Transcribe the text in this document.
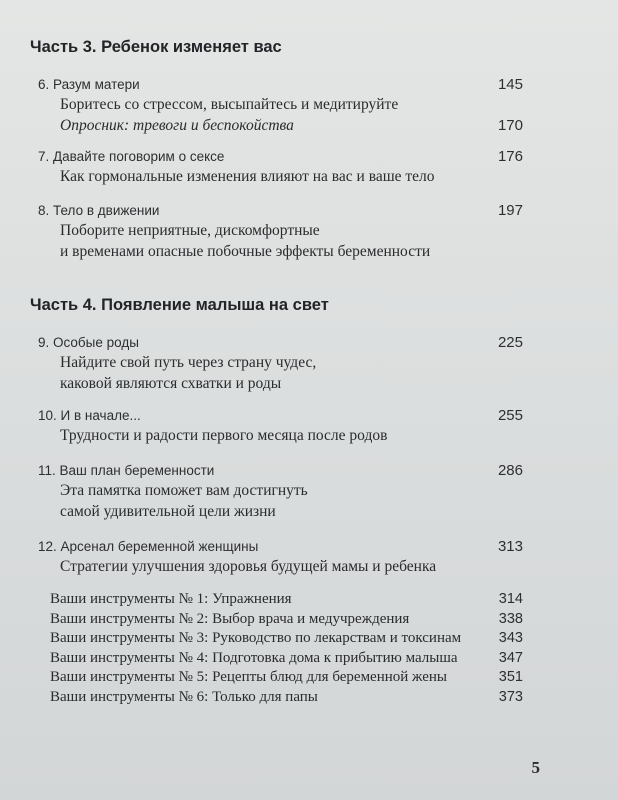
Часть 3. Ребенок изменяет вас
6. Разум матери	145
Боритесь со стрессом, высыпайтесь и медитируйте
Опросник: тревоги и беспокойства	170
7. Давайте поговорим о сексе	176
Как гормональные изменения влияют на вас и ваше тело
8. Тело в движении	197
Поборите неприятные, дискомфортные
и временами опасные побочные эффекты беременности
Часть 4. Появление малыша на свет
9. Особые роды	225
Найдите свой путь через страну чудес,
каковой являются схватки и роды
10. И в начале...	255
Трудности и радости первого месяца после родов
11. Ваш план беременности	286
Эта памятка поможет вам достигнуть
самой удивительной цели жизни
12. Арсенал беременной женщины	313
Стратегии улучшения здоровья будущей мамы и ребенка
Ваши инструменты № 1: Упражнения	314
Ваши инструменты № 2: Выбор врача и медучреждения	338
Ваши инструменты № 3: Руководство по лекарствам и токсинам	343
Ваши инструменты № 4: Подготовка дома к прибытию малыша	347
Ваши инструменты № 5: Рецепты блюд для беременной жены	351
Ваши инструменты № 6: Только для папы	373
5
